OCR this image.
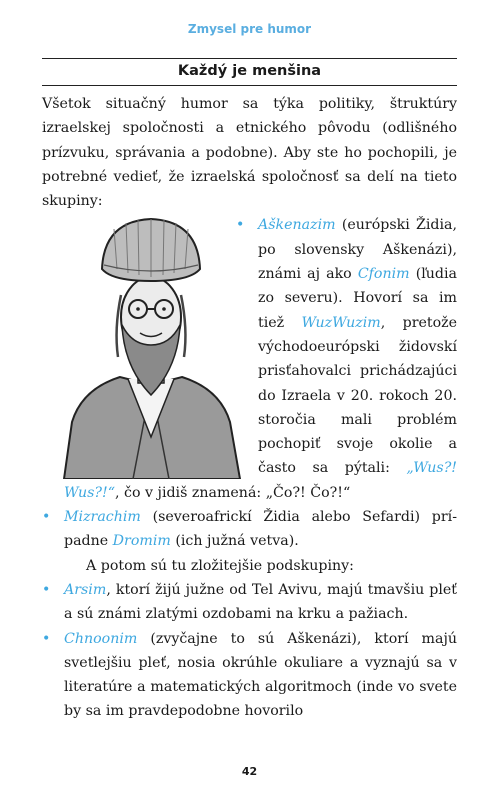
Zmysel pre humor
Každý je menšina

Všetok situačný humor sa týka politiky, štruktúry izraelskej spoločnosti a etnického pôvodu (odlišného prízvuku, správania a podobne). Aby ste ho pochopili, je potrebné vedieť, že izraelská spoločnosť sa delí na tieto skupiny:

• Aškenazim (európski Židia, po slovensky Aškenázi), známi aj ako Cfonim (ľudia zo severu). Hovorí sa im tiež WuzWuzim, pretože východoeurópski židovskí prisťahovalci prichádzajúci do Izraela v 20. rokoch 20. storočia mali problém pochopiť svoje okolie a často sa pýtali: „Wus?! Wus?!“, čo v jidiš znamená: „Čo?! Čo?!“

• Mizrachim (severoafrickí Židia alebo Sefardi) prípadne Dromim (ich južná vetva).

A potom sú tu zložitejšie podskupiny:

• Arsim, ktorí žijú južne od Tel Avivu, majú tmavšiu pleť a sú známi zlatými ozdobami na krku a pažiach.

• Chnoonim (zvyčajne to sú Aškenázi), ktorí majú svetlejšiu pleť, nosia okrúhle okuliare a vyznajú sa v literatúre a matematických algoritmoch (inde vo svete by sa im pravdepodobne hovorilo

42
